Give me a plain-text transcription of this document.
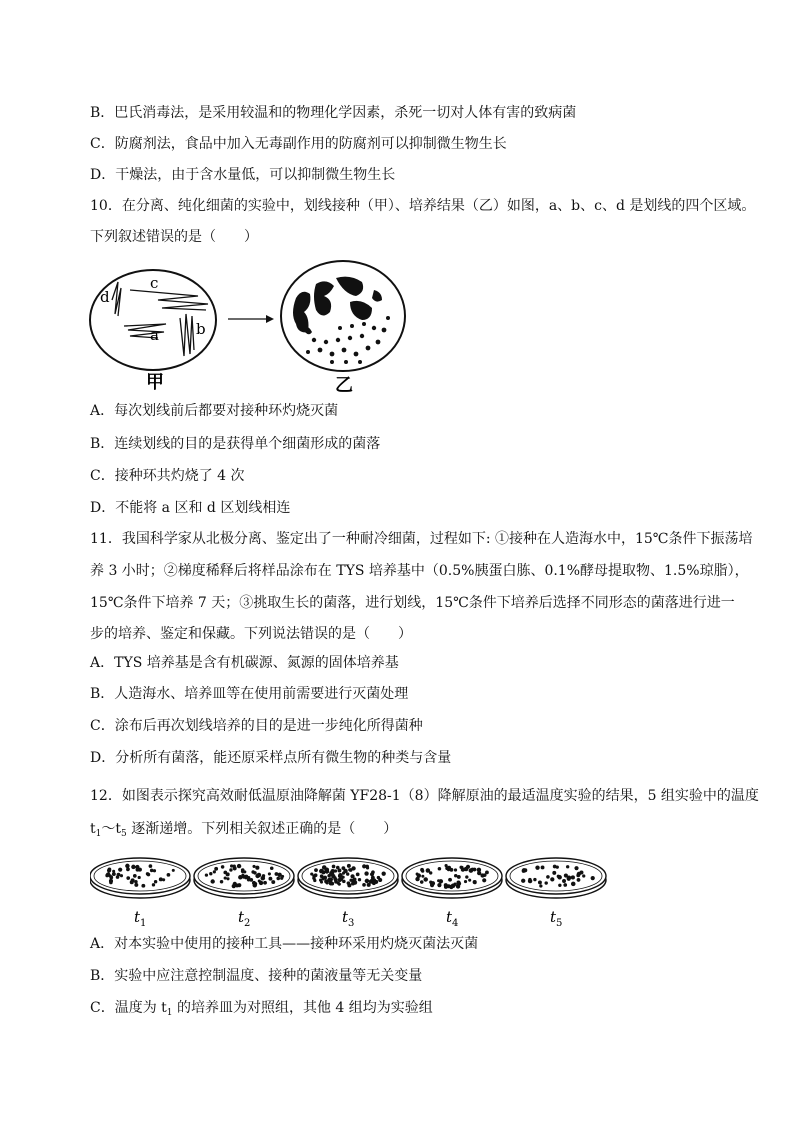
B．巴氏消毒法，是采用较温和的物理化学因素，杀死一切对人体有害的致病菌
C．防腐剂法，食品中加入无毒副作用的防腐剂可以抑制微生物生长
D．干燥法，由于含水量低，可以抑制微生物生长
10．在分离、纯化细菌的实验中，划线接种（甲）、培养结果（乙）如图，a、b、c、d 是划线的四个区域。
下列叙述错误的是（　　）
d
c
a b
甲	乙
A．每次划线前后都要对接种环灼烧灭菌
B．连续划线的目的是获得单个细菌形成的菌落
C．接种环共灼烧了 4 次
D．不能将 a 区和 d 区划线相连
11．我国科学家从北极分离、鉴定出了一种耐冷细菌，过程如下: ①接种在人造海水中，15℃条件下振荡培
养 3 小时；②梯度稀释后将样品涂布在 TYS 培养基中（0.5%胰蛋白胨、0.1%酵母提取物、1.5%琼脂），
15℃条件下培养 7 天；③挑取生长的菌落，进行划线，15℃条件下培养后选择不同形态的菌落进行进一
步的培养、鉴定和保藏。下列说法错误的是（　　）
A．TYS 培养基是含有机碳源、氮源的固体培养基
B．人造海水、培养皿等在使用前需要进行灭菌处理
C．涂布后再次划线培养的目的是进一步纯化所得菌种
D．分析所有菌落，能还原采样点所有微生物的种类与含量
12．如图表示探究高效耐低温原油降解菌 YF28-1（8）降解原油的最适温度实验的结果，5 组实验中的温度
$t_1\sim t_5$ 逐渐递增。下列相关叙述正确的是（　　）
$t_1$	$t_2$	$t_3$	$t_4$	$t_5$
A．对本实验中使用的接种工具——接种环采用灼烧灭菌法灭菌
B．实验中应注意控制温度、接种的菌液量等无关变量
C．温度为 $t_1$ 的培养皿为对照组，其他 4 组均为实验组
